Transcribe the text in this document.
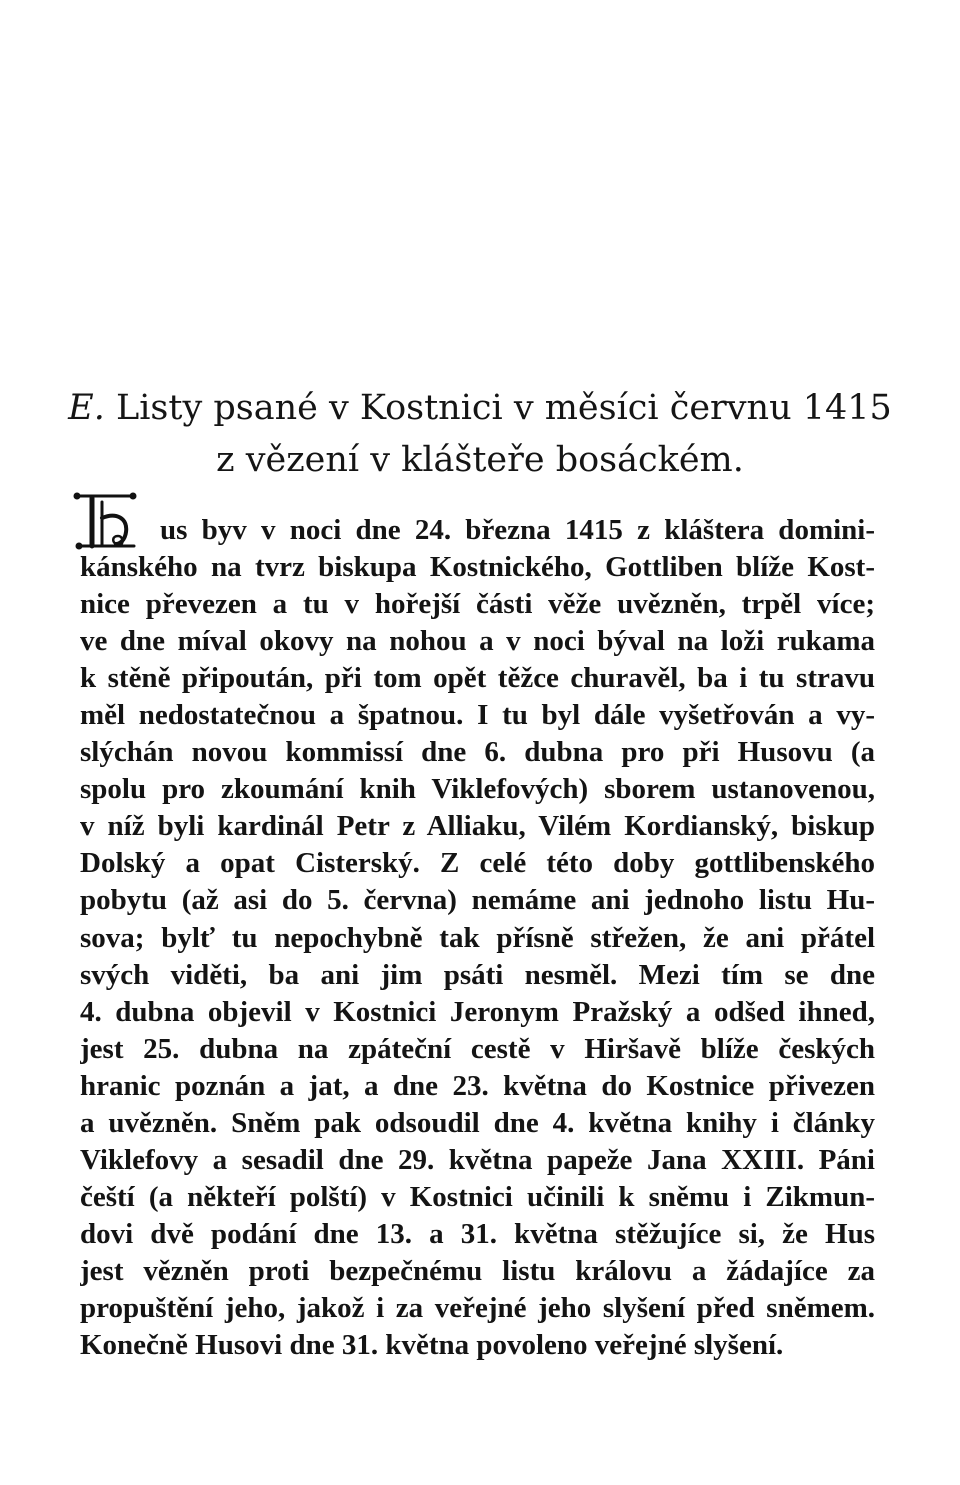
E. Listy psané v Kostnici v měsíci červnu 1415
z vězení v klášteře bosáckém.
us byv v noci dne 24. března 1415 z kláštera domini-
kánského na tvrz biskupa Kostnického, Gottliben blíže Kost-
nice převezen a tu v hořejší části věže uvězněn, trpěl více;
ve dne míval okovy na nohou a v noci býval na loži rukama
k stěně připoután, při tom opět těžce churavěl, ba i tu stravu
měl nedostatečnou a špatnou. I tu byl dále vyšetřován a vy-
slýchán novou kommissí dne 6. dubna pro při Husovu (a
spolu pro zkoumání knih Viklefových) sborem ustanovenou,
v níž byli kardinál Petr z Alliaku, Vilém Kordianský, biskup
Dolský a opat Cisterský. Z celé této doby gottlibenského
pobytu (až asi do 5. června) nemáme ani jednoho listu Hu-
sova; bylť tu nepochybně tak přísně střežen, že ani přátel
svých viděti, ba ani jim psáti nesměl. Mezi tím se dne
4. dubna objevil v Kostnici Jeronym Pražský a odšed ihned,
jest 25. dubna na zpáteční cestě v Hiršavě blíže českých
hranic poznán a jat, a dne 23. května do Kostnice přivezen
a uvězněn. Sněm pak odsoudil dne 4. května knihy i články
Viklefovy a sesadil dne 29. května papeže Jana XXIII. Páni
čeští (a někteří polští) v Kostnici učinili k sněmu i Zikmun-
dovi dvě podání dne 13. a 31. května stěžujíce si, že Hus
jest vězněn proti bezpečnému listu královu a žádajíce za
propuštění jeho, jakož i za veřejné jeho slyšení před sněmem.
Konečně Husovi dne 31. května povoleno veřejné slyšení.
